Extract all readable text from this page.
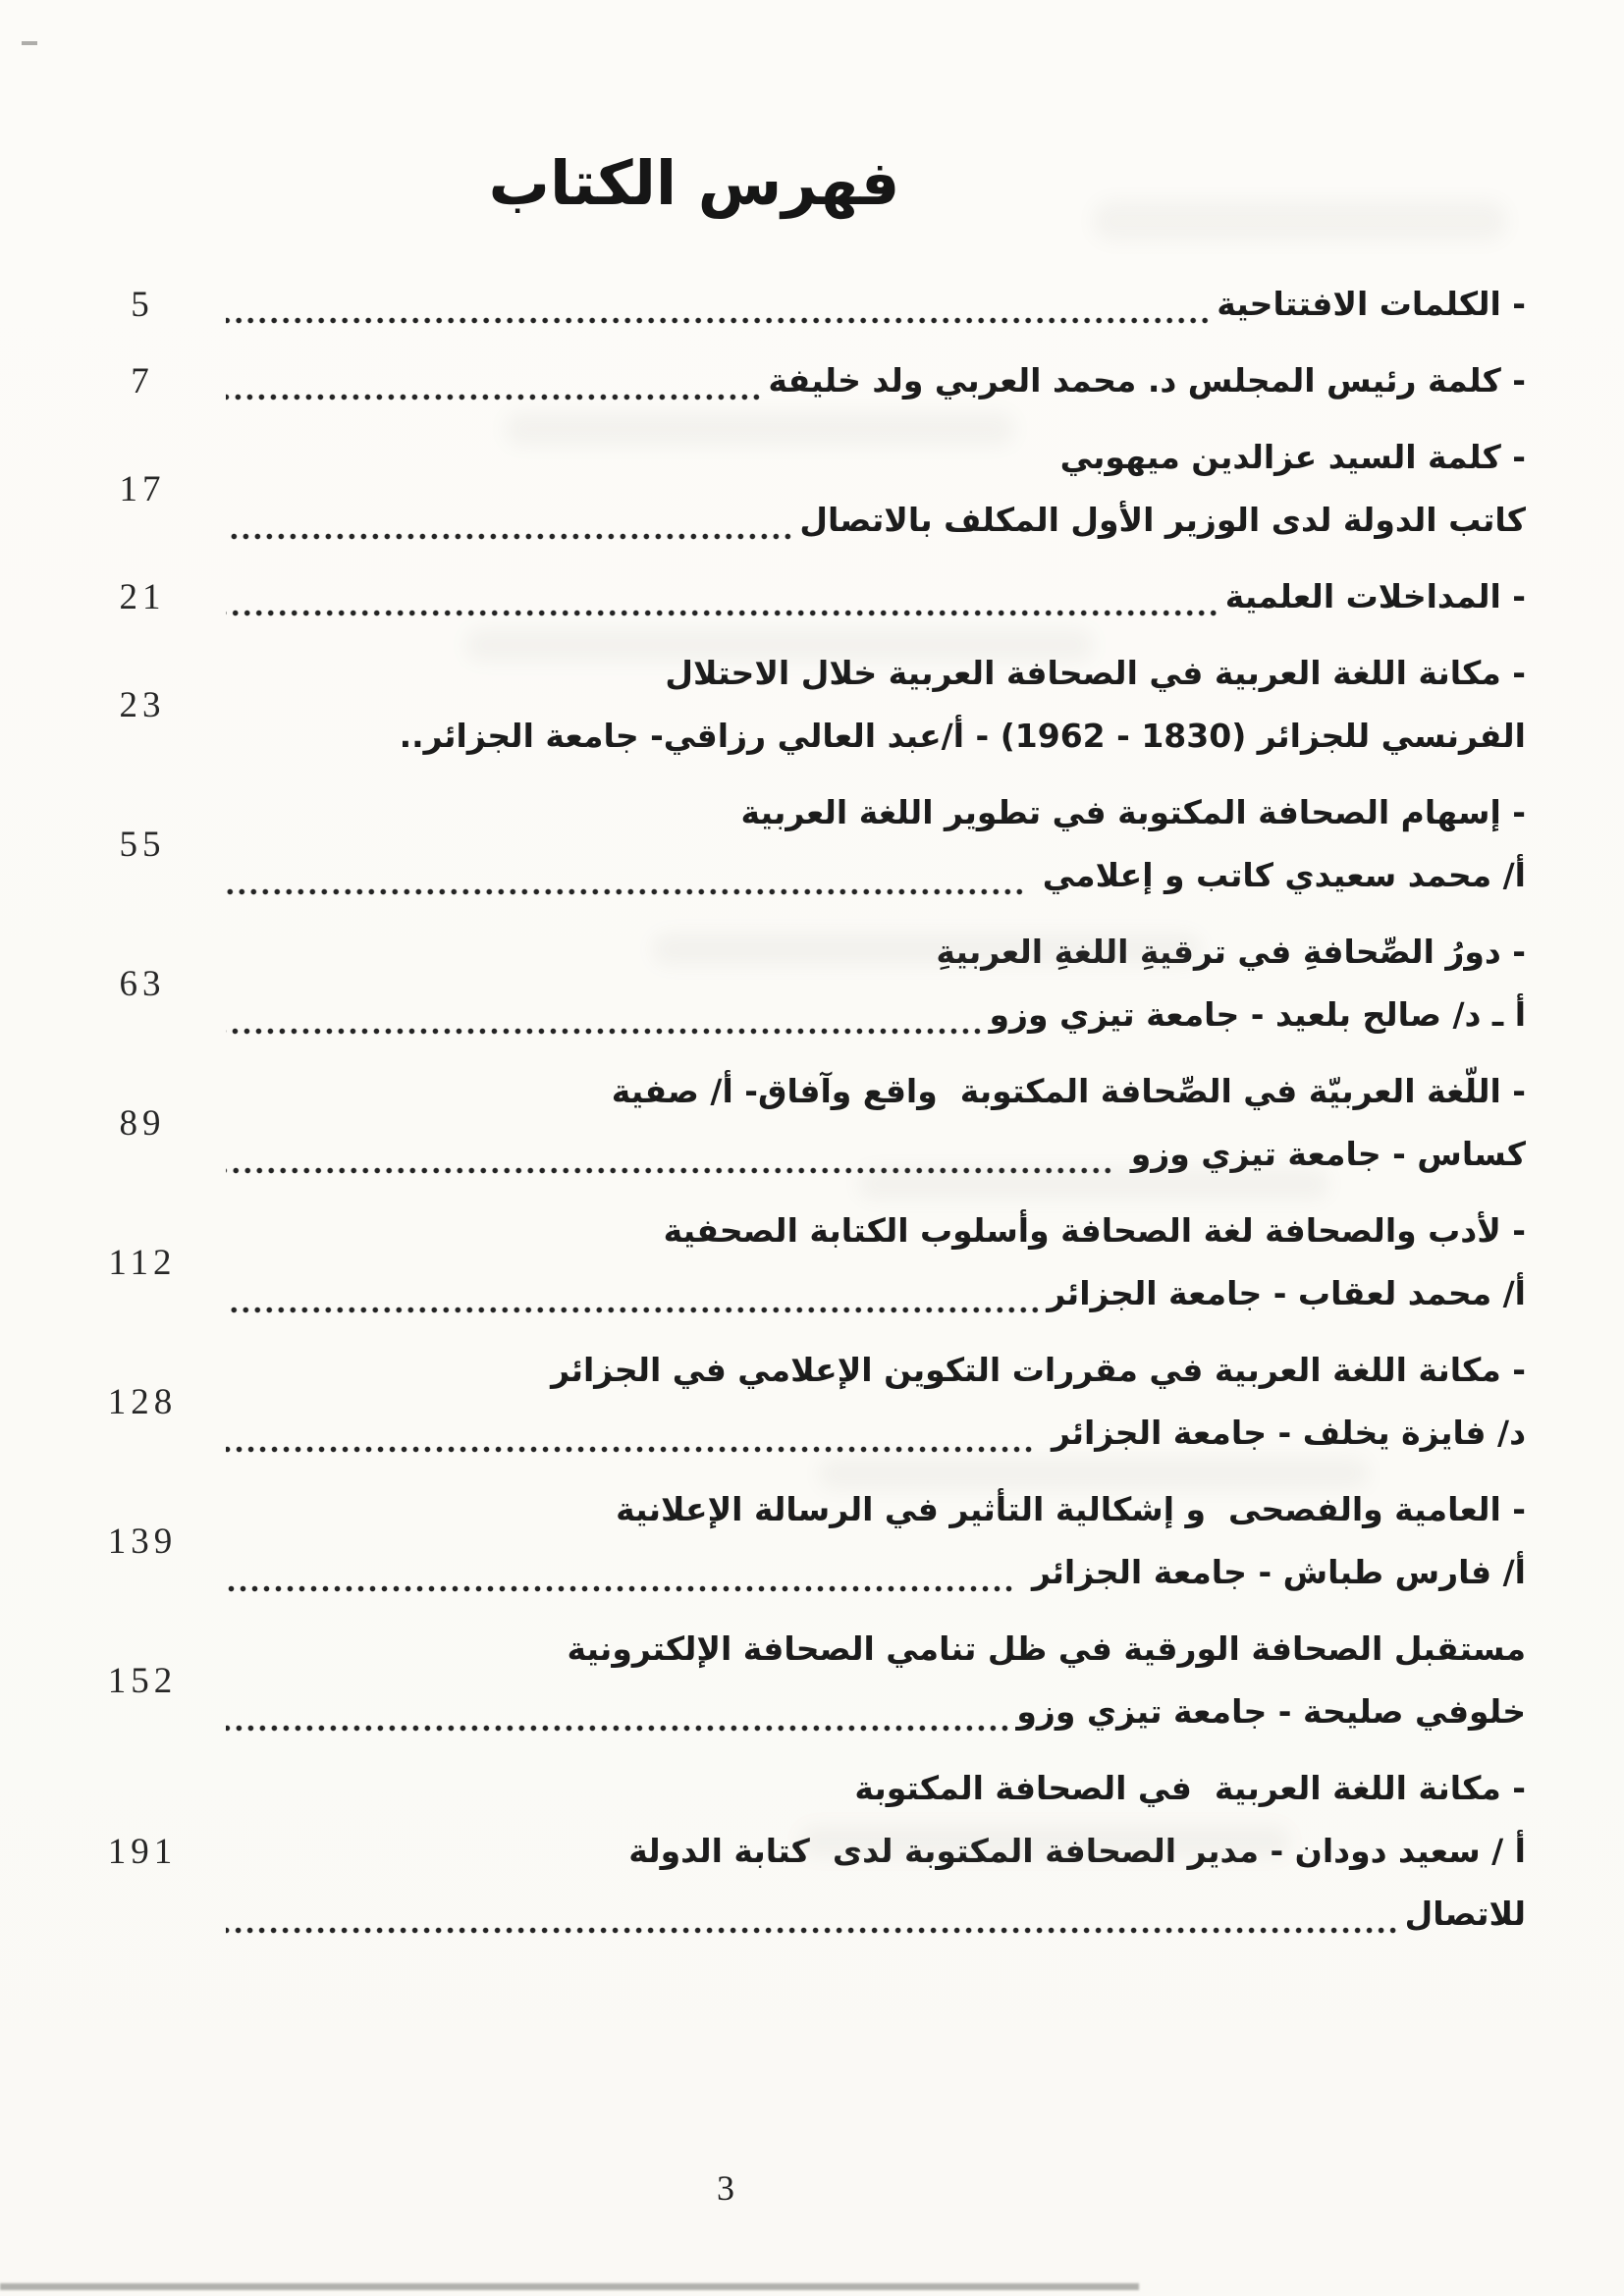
فهرس الكتاب
- الكلمات الافتتاحية
5
- كلمة رئيس المجلس د. محمد العربي ولد خليفة
7
- كلمة السيد عزالدين ميهوبي
كاتب الدولة لدى الوزير الأول المكلف بالاتصال
17
- المداخلات العلمية
21
- مكانة اللغة العربية في الصحافة العربية خلال الاحتلال
الفرنسي للجزائر (1830 - 1962) - أ/عبد العالي رزاقي- جامعة الجزائر..
23
- إسهام الصحافة المكتوبة في تطوير اللغة العربية
أ/ محمد سعيدي كاتب و إعلامي
55
- دورُ الصِّحافةِ في ترقيةِ اللغةِ العربيةِ
أ ـ د/ صالح بلعيد - جامعة تيزي وزو
63
- اللّغة العربيّة في الصِّحافة المكتوبة  واقع وآفاق- أ/ صفية
كساس - جامعة تيزي وزو
89
- لأدب والصحافة لغة الصحافة وأسلوب الكتابة الصحفية
أ/ محمد لعقاب - جامعة الجزائر
112
- مكانة اللغة العربية في مقررات التكوين الإعلامي في الجزائر
د/ فايزة يخلف - جامعة الجزائر
128
- العامية والفصحى  و إشكالية التأثير في الرسالة الإعلانية
أ/ فارس طباش - جامعة الجزائر
139
مستقبل الصحافة الورقية في ظل تنامي الصحافة الإلكترونية
خلوفي صليحة - جامعة تيزي وزو
152
- مكانة اللغة العربية  في الصحافة المكتوبة
أ / سعيد دودان - مدير الصحافة المكتوبة لدى  كتابة الدولة
للاتصال
191
3
